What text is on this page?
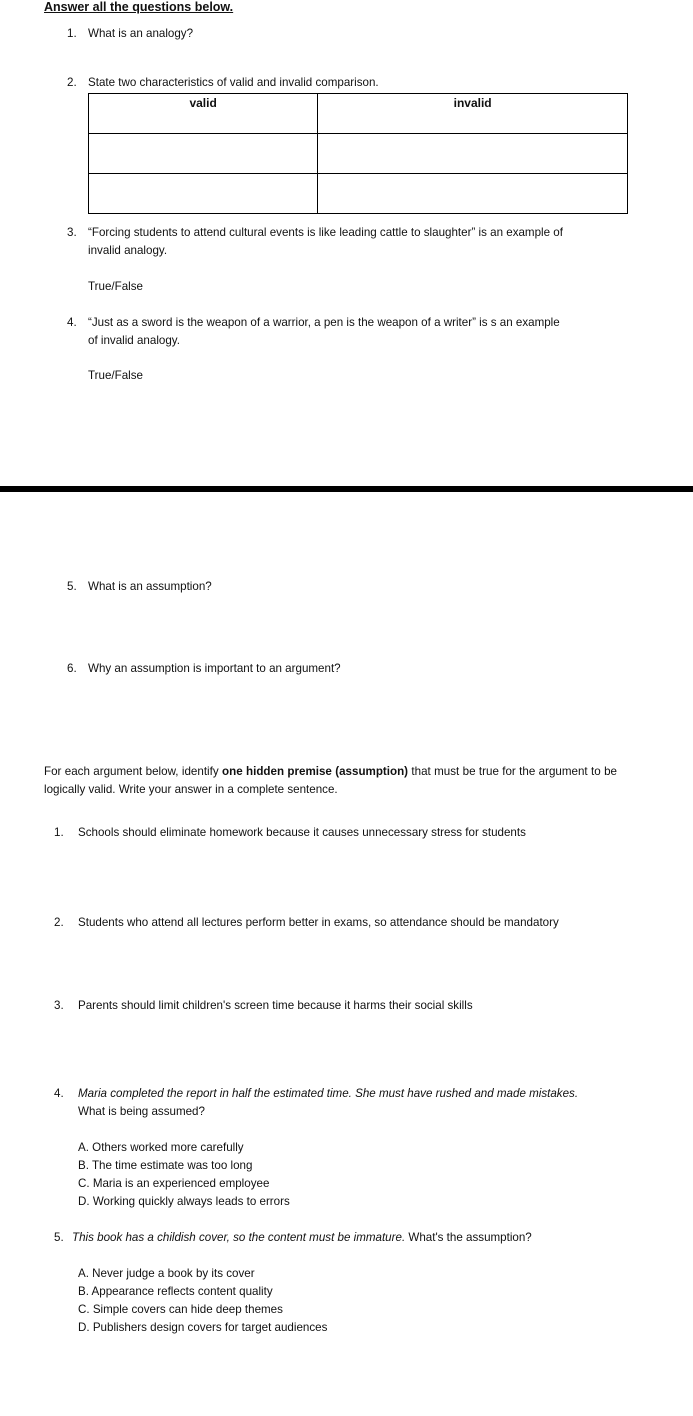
Answer all the questions below.
1. What is an analogy?
2. State two characteristics of valid and invalid comparison.
valid	invalid

3. “Forcing students to attend cultural events is like leading cattle to slaughter” is an example of
invalid analogy.
True/False
4. “Just as a sword is the weapon of a warrior, a pen is the weapon of a writer” is s an example
of invalid analogy.
True/False
5. What is an assumption?
6. Why an assumption is important to an argument?
For each argument below, identify one hidden premise (assumption) that must be true for the argument to be logically valid. Write your answer in a complete sentence.
1. Schools should eliminate homework because it causes unnecessary stress for students
2. Students who attend all lectures perform better in exams, so attendance should be mandatory
3. Parents should limit children's screen time because it harms their social skills
4. Maria completed the report in half the estimated time. She must have rushed and made mistakes.
What is being assumed?
A. Others worked more carefully
B. The time estimate was too long
C. Maria is an experienced employee
D. Working quickly always leads to errors
5. This book has a childish cover, so the content must be immature. What's the assumption?
A. Never judge a book by its cover
B. Appearance reflects content quality
C. Simple covers can hide deep themes
D. Publishers design covers for target audiences
